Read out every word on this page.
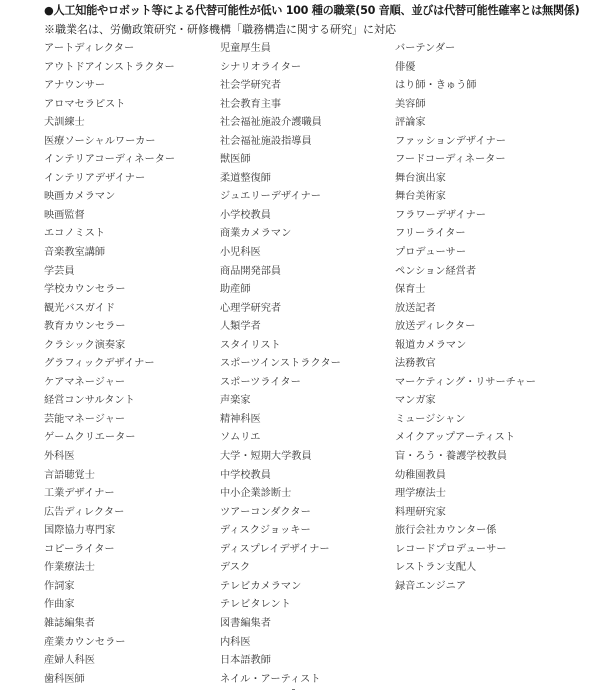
●人工知能やロボット等による代替可能性が低い 100 種の職業(50 音順、並びは代替可能性確率とは無関係)
※職業名は、労働政策研究・研修機構「職務構造に関する研究」に対応
アートディレクター
アウトドアインストラクター
アナウンサー
アロマセラピスト
犬訓練士
医療ソーシャルワーカー
インテリアコーディネーター
インテリアデザイナー
映画カメラマン
映画監督
エコノミスト
音楽教室講師
学芸員
学校カウンセラー
観光バスガイド
教育カウンセラー
クラシック演奏家
グラフィックデザイナー
ケアマネージャー
経営コンサルタント
芸能マネージャー
ゲームクリエーター
外科医
言語聴覚士
工業デザイナー
広告ディレクター
国際協力専門家
コピーライター
作業療法士
作詞家
作曲家
雑誌編集者
産業カウンセラー
産婦人科医
歯科医師
児童厚生員
シナリオライター
社会学研究者
社会教育主事
社会福祉施設介護職員
社会福祉施設指導員
獣医師
柔道整復師
ジュエリーデザイナー
小学校教員
商業カメラマン
小児科医
商品開発部員
助産師
心理学研究者
人類学者
スタイリスト
スポーツインストラクター
スポーツライター
声楽家
精神科医
ソムリエ
大学・短期大学教員
中学校教員
中小企業診断士
ツアーコンダクター
ディスクジョッキー
ディスプレイデザイナー
デスク
テレビカメラマン
テレビタレント
図書編集者
内科医
日本語教師
ネイル・アーティスト
バーテンダー
俳優
はり師・きゅう師
美容師
評論家
ファッションデザイナー
フードコーディネーター
舞台演出家
舞台美術家
フラワーデザイナー
フリーライター
プロデューサー
ペンション経営者
保育士
放送記者
放送ディレクター
報道カメラマン
法務教官
マーケティング・リサーチャー
マンガ家
ミュージシャン
メイクアップアーティスト
盲・ろう・養護学校教員
幼稚園教員
理学療法士
料理研究家
旅行会社カウンター係
レコードプロデューサー
レストラン支配人
録音エンジニア
